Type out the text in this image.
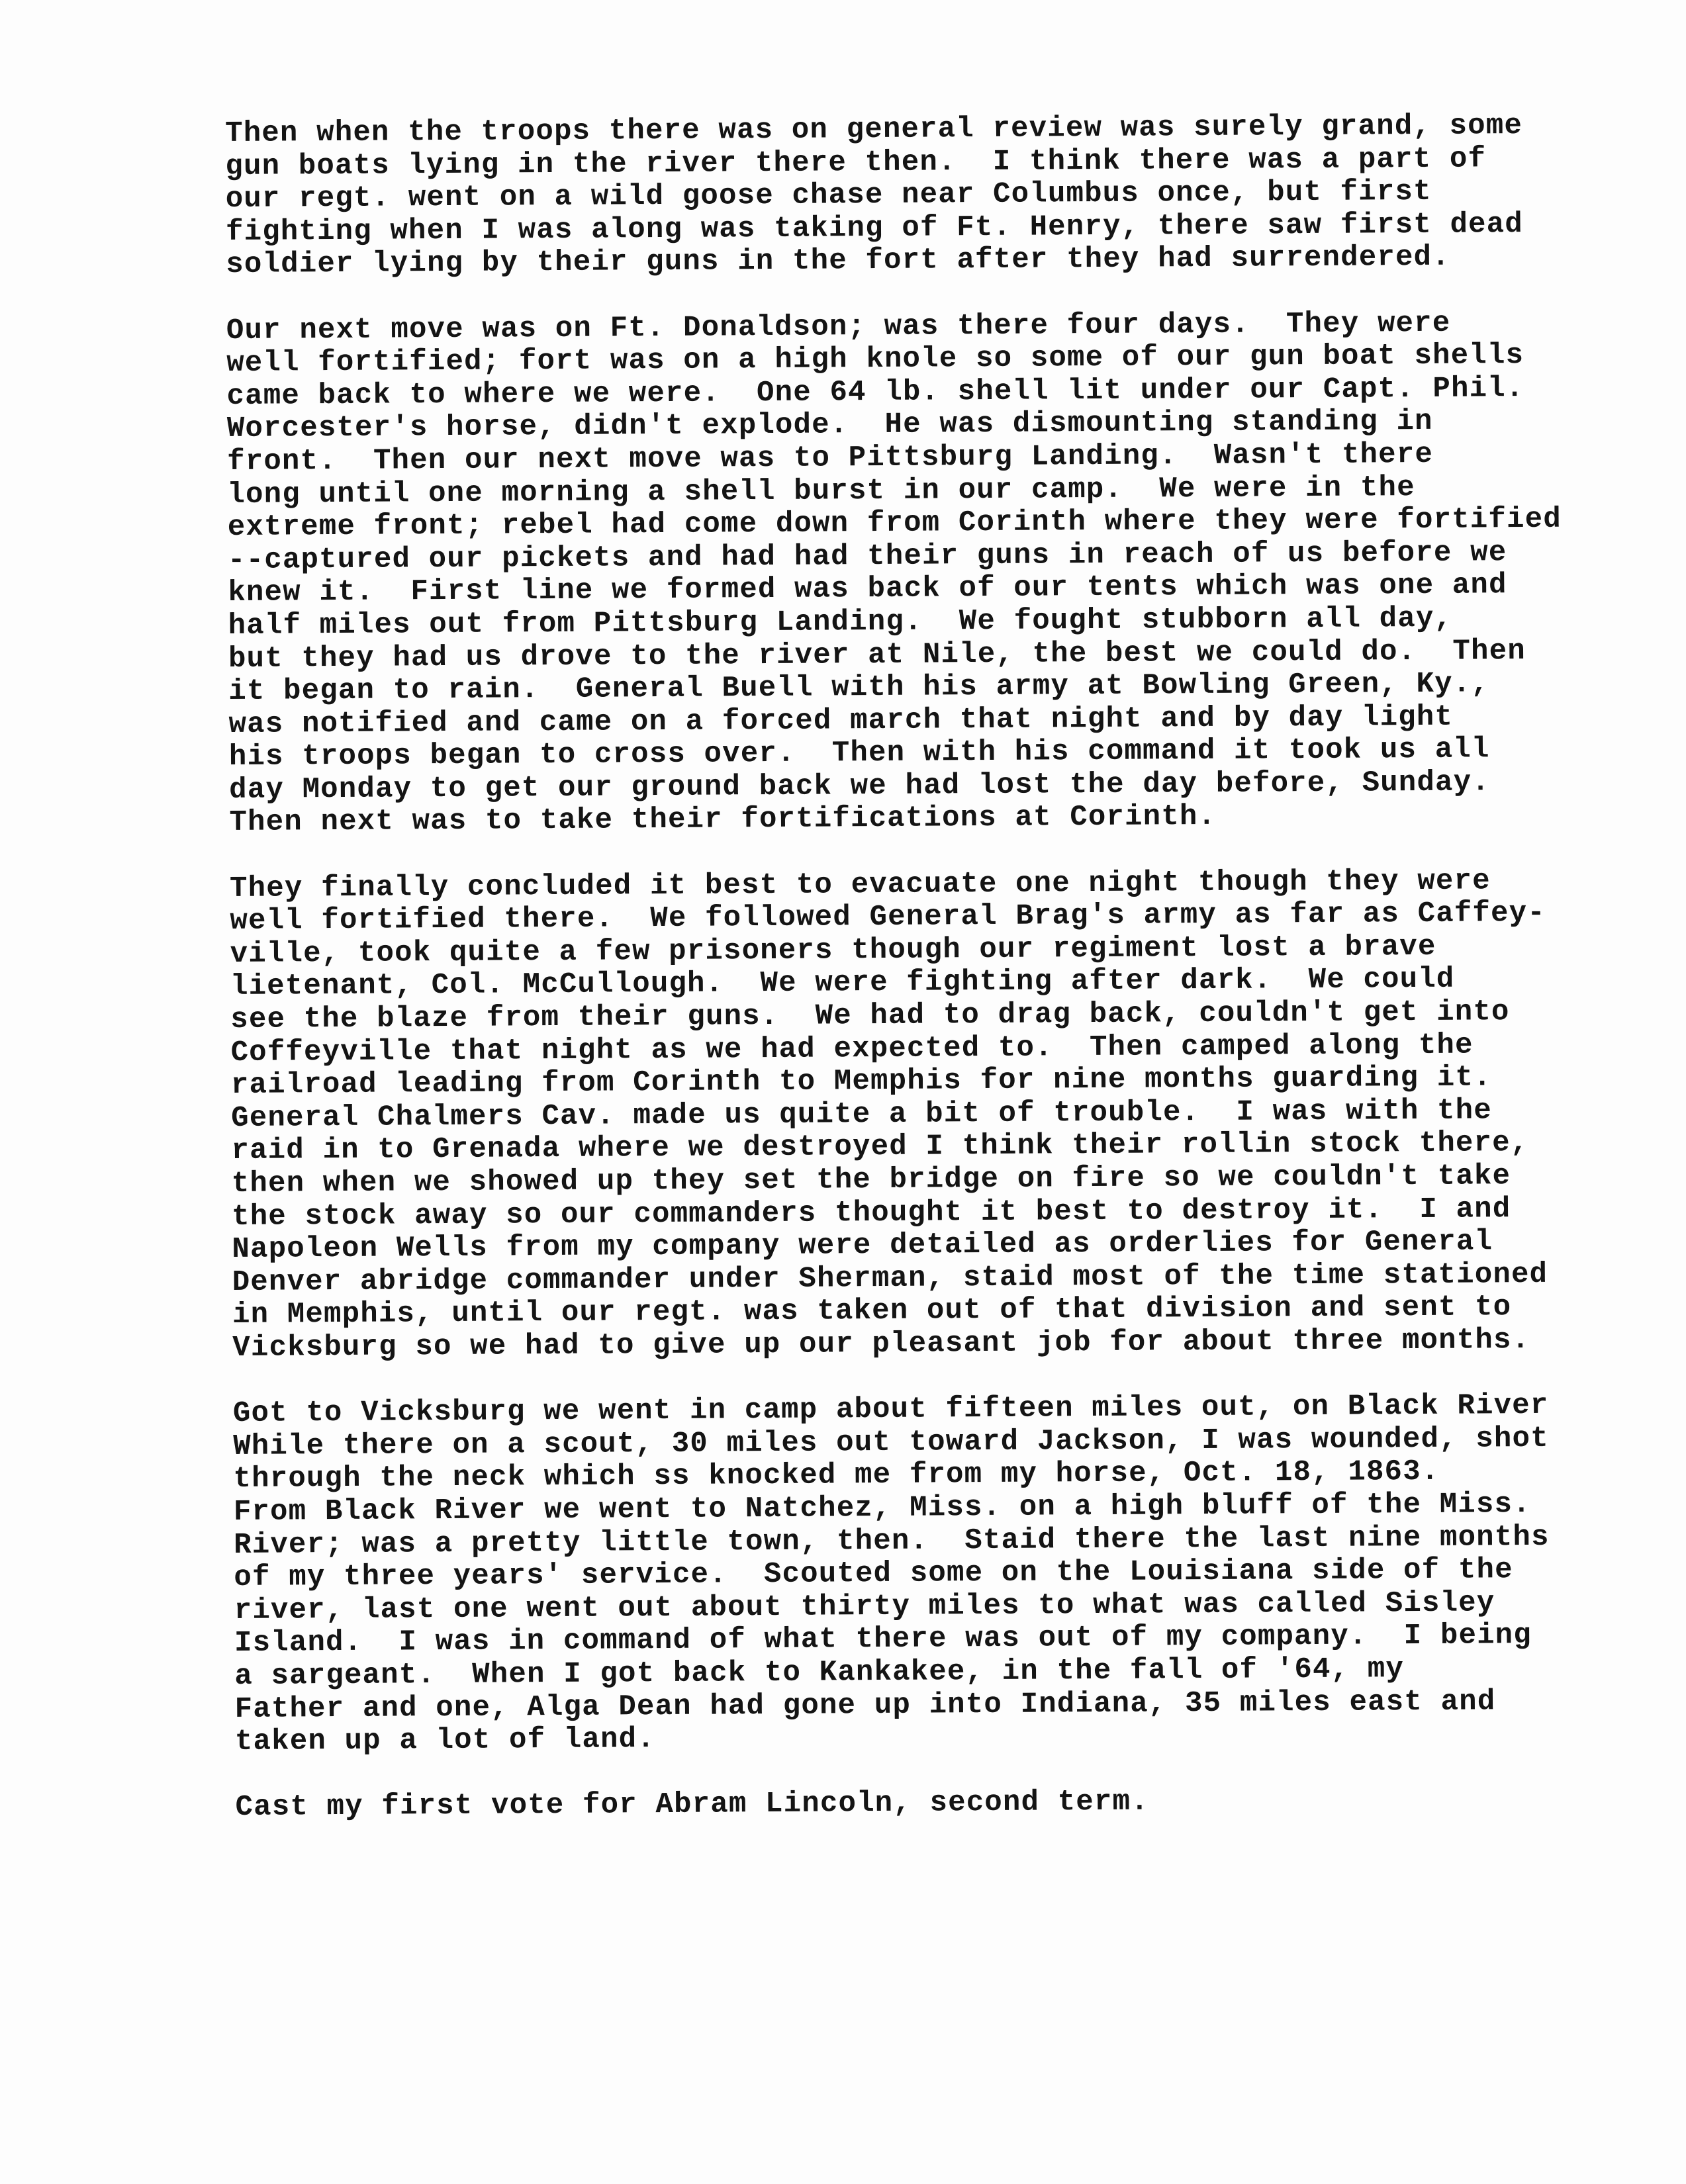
Then when the troops there was on general review was surely grand, some
gun boats lying in the river there then.  I think there was a part of
our regt. went on a wild goose chase near Columbus once, but first
fighting when I was along was taking of Ft. Henry, there saw first dead
soldier lying by their guns in the fort after they had surrendered.
Our next move was on Ft. Donaldson; was there four days.  They were
well fortified; fort was on a high knole so some of our gun boat shells
came back to where we were.  One 64 lb. shell lit under our Capt. Phil.
Worcester's horse, didn't explode.  He was dismounting standing in
front.  Then our next move was to Pittsburg Landing.  Wasn't there
long until one morning a shell burst in our camp.  We were in the
extreme front; rebel had come down from Corinth where they were fortified
--captured our pickets and had had their guns in reach of us before we
knew it.  First line we formed was back of our tents which was one and
half miles out from Pittsburg Landing.  We fought stubborn all day,
but they had us drove to the river at Nile, the best we could do.  Then
it began to rain.  General Buell with his army at Bowling Green, Ky.,
was notified and came on a forced march that night and by day light
his troops began to cross over.  Then with his command it took us all
day Monday to get our ground back we had lost the day before, Sunday.
Then next was to take their fortifications at Corinth.
They finally concluded it best to evacuate one night though they were
well fortified there.  We followed General Brag's army as far as Caffey-
ville, took quite a few prisoners though our regiment lost a brave
lietenant, Col. McCullough.  We were fighting after dark.  We could
see the blaze from their guns.  We had to drag back, couldn't get into
Coffeyville that night as we had expected to.  Then camped along the
railroad leading from Corinth to Memphis for nine months guarding it.
General Chalmers Cav. made us quite a bit of trouble.  I was with the
raid in to Grenada where we destroyed I think their rollin stock there,
then when we showed up they set the bridge on fire so we couldn't take
the stock away so our commanders thought it best to destroy it.  I and
Napoleon Wells from my company were detailed as orderlies for General
Denver abridge commander under Sherman, staid most of the time stationed
in Memphis, until our regt. was taken out of that division and sent to
Vicksburg so we had to give up our pleasant job for about three months.
Got to Vicksburg we went in camp about fifteen miles out, on Black River
While there on a scout, 30 miles out toward Jackson, I was wounded, shot
through the neck which ss knocked me from my horse, Oct. 18, 1863.
From Black River we went to Natchez, Miss. on a high bluff of the Miss.
River; was a pretty little town, then.  Staid there the last nine months
of my three years' service.  Scouted some on the Louisiana side of the
river, last one went out about thirty miles to what was called Sisley
Island.  I was in command of what there was out of my company.  I being
a sargeant.  When I got back to Kankakee, in the fall of '64, my
Father and one, Alga Dean had gone up into Indiana, 35 miles east and
taken up a lot of land.
Cast my first vote for Abram Lincoln, second term.
